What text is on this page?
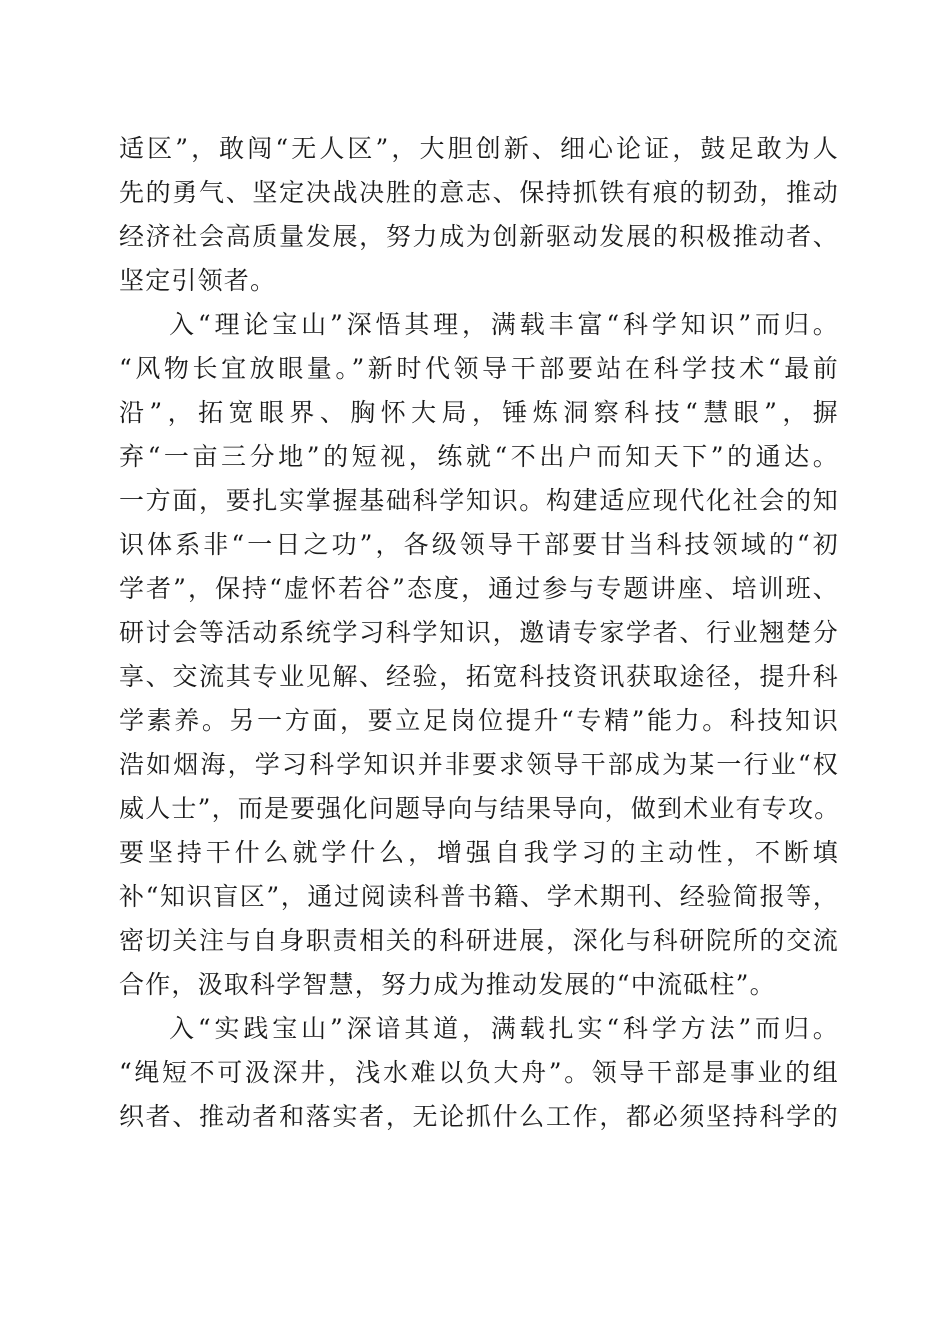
适区”，敢闯“无人区”，大胆创新、细心论证，鼓足敢为人
先的勇气、坚定决战决胜的意志、保持抓铁有痕的韧劲，推动
经济社会高质量发展，努力成为创新驱动发展的积极推动者、
坚定引领者。
入“理论宝山”深悟其理，满载丰富“科学知识”而归。
“风物长宜放眼量。”新时代领导干部要站在科学技术“最前
沿”，拓宽眼界、胸怀大局，锤炼洞察科技“慧眼”，摒
弃“一亩三分地”的短视，练就“不出户而知天下”的通达。
一方面，要扎实掌握基础科学知识。构建适应现代化社会的知
识体系非“一日之功”，各级领导干部要甘当科技领域的“初
学者”，保持“虚怀若谷”态度，通过参与专题讲座、培训班、
研讨会等活动系统学习科学知识，邀请专家学者、行业翘楚分
享、交流其专业见解、经验，拓宽科技资讯获取途径，提升科
学素养。另一方面，要立足岗位提升“专精”能力。科技知识
浩如烟海，学习科学知识并非要求领导干部成为某一行业“权
威人士”，而是要强化问题导向与结果导向，做到术业有专攻。
要坚持干什么就学什么，增强自我学习的主动性，不断填
补“知识盲区”，通过阅读科普书籍、学术期刊、经验简报等，
密切关注与自身职责相关的科研进展，深化与科研院所的交流
合作，汲取科学智慧，努力成为推动发展的“中流砥柱”。
入“实践宝山”深谙其道，满载扎实“科学方法”而归。
“绳短不可汲深井，浅水难以负大舟”。领导干部是事业的组
织者、推动者和落实者，无论抓什么工作，都必须坚持科学的
